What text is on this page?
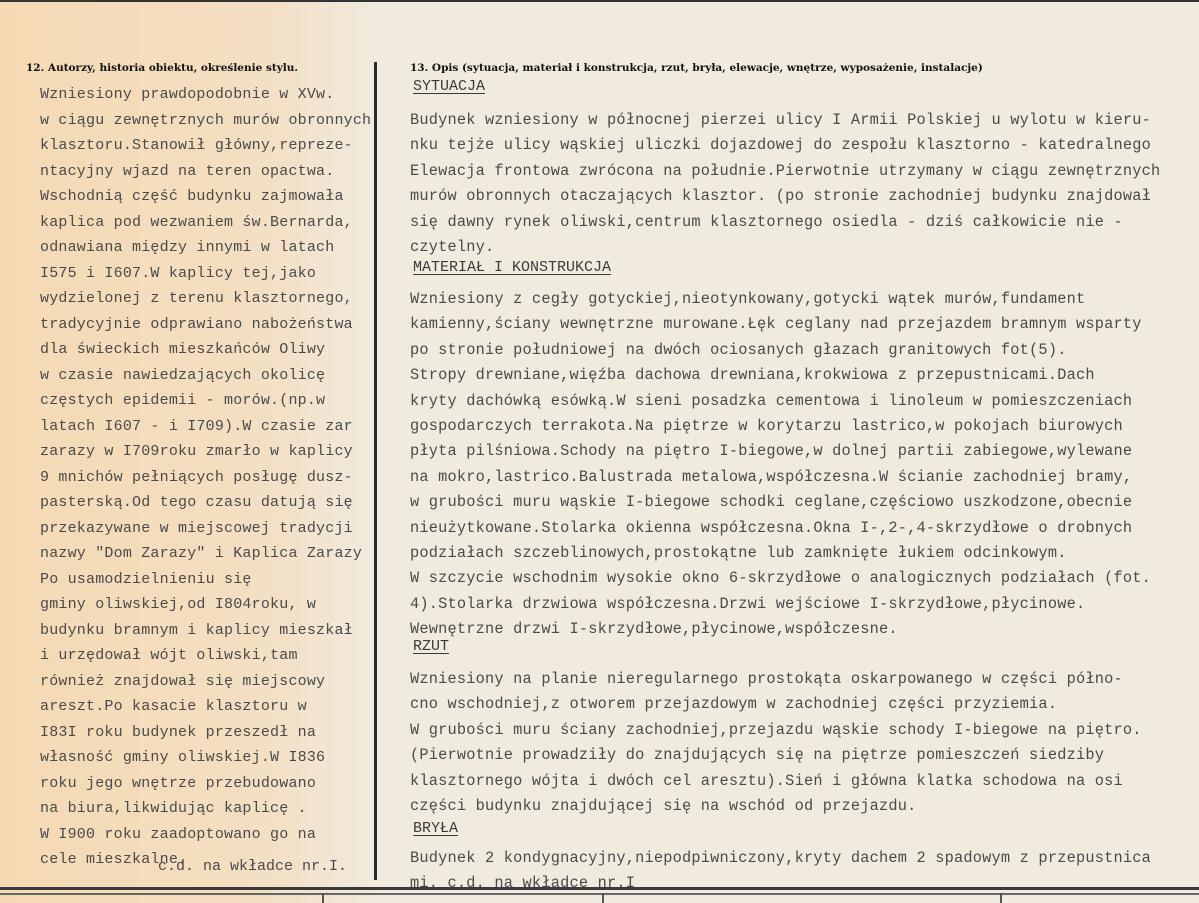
12. Autorzy, historia obiektu, określenie stylu.
Wzniesiony prawdopodobnie w XVw.
w ciągu zewnętrznych murów obronnych
klasztoru.Stanowił główny,repreze-
ntacyjny wjazd na teren opactwa.
Wschodnią część budynku zajmowała
kaplica pod wezwaniem św.Bernarda,
odnawiana między innymi w latach
I575 i I607.W kaplicy tej,jako
wydzielonej z terenu klasztornego,
tradycyjnie odprawiano nabożeństwa
dla świeckich mieszkańców Oliwy
w czasie nawiedzających okolicę
częstych epidemii - morów.(np.w
latach I607 - i I709).W czasie zar
zarazy w I709roku zmarło w kaplicy
9 mnichów pełniących posługę dusz-
pasterską.Od tego czasu datują się
przekazywane w miejscowej tradycji
nazwy "Dom Zarazy" i Kaplica Zarazy
Po usamodzielnieniu się
gminy oliwskiej,od I804roku, w
budynku bramnym i kaplicy mieszkał
i urzędował wójt oliwski,tam
również znajdował się miejscowy
areszt.Po kasacie klasztoru w
I83I roku budynek przeszedł na
własność gminy oliwskiej.W I836
roku jego wnętrze przebudowano
na biura,likwidując kaplicę .
W I900 roku zaadoptowano go na
cele mieszkalne.
c.d. na wkładce nr.I.
13. Opis (sytuacja, materiał i konstrukcja, rzut, bryła, elewacje, wnętrze, wyposażenie, instalacje)
SYTUACJA
Budynek wzniesiony w północnej pierzei ulicy I Armii Polskiej u wylotu w kieru-
nku tejże ulicy wąskiej uliczki dojazdowej do zespołu klasztorno - katedralnego
Elewacja frontowa zwrócona na południe.Pierwotnie utrzymany w ciągu zewnętrznych
murów obronnych otaczających klasztor. (po stronie zachodniej budynku znajdował
się dawny rynek oliwski,centrum klasztornego osiedla - dziś całkowicie nie -
czytelny.
MATERIAŁ I KONSTRUKCJA
Wzniesiony z cegły gotyckiej,nieotynkowany,gotycki wątek murów,fundament
kamienny,ściany wewnętrzne murowane.Łęk ceglany nad przejazdem bramnym wsparty
po stronie południowej na dwóch ociosanych głazach granitowych fot(5).
Stropy drewniane,więźba dachowa drewniana,krokwiowa z przepustnicami.Dach
kryty dachówką esówką.W sieni posadzka cementowa i linoleum w pomieszczeniach
gospodarczych terrakota.Na piętrze w korytarzu lastrico,w pokojach biurowych
płyta pilśniowa.Schody na piętro I-biegowe,w dolnej partii zabiegowe,wylewane
na mokro,lastrico.Balustrada metalowa,współczesna.W ścianie zachodniej bramy,
w grubości muru wąskie I-biegowe schodki ceglane,częściowo uszkodzone,obecnie
nieużytkowane.Stolarka okienna współczesna.Okna I-,2-,4-skrzydłowe o drobnych
podziałach szczeblinowych,prostokątne lub zamknięte łukiem odcinkowym.
W szczycie wschodnim wysokie okno 6-skrzydłowe o analogicznych podziałach (fot.
4).Stolarka drzwiowa współczesna.Drzwi wejściowe I-skrzydłowe,płycinowe.
Wewnętrzne drzwi I-skrzydłowe,płycinowe,współczesne.
RZUT
Wzniesiony na planie nieregularnego prostokąta oskarpowanego w części półno-
cno wschodniej,z otworem przejazdowym w zachodniej części przyziemia.
W grubości muru ściany zachodniej,przejazdu wąskie schody I-biegowe na piętro.
(Pierwotnie prowadziły do znajdujących się na piętrze pomieszczeń siedziby
klasztornego wójta i dwóch cel aresztu).Sień i główna klatka schodowa na osi
części budynku znajdującej się na wschód od przejazdu.
BRYŁA
Budynek 2 kondygnacyjny,niepodpiwniczony,kryty dachem 2 spadowym z przepustnica
mi. c.d. na wkładce nr.I
